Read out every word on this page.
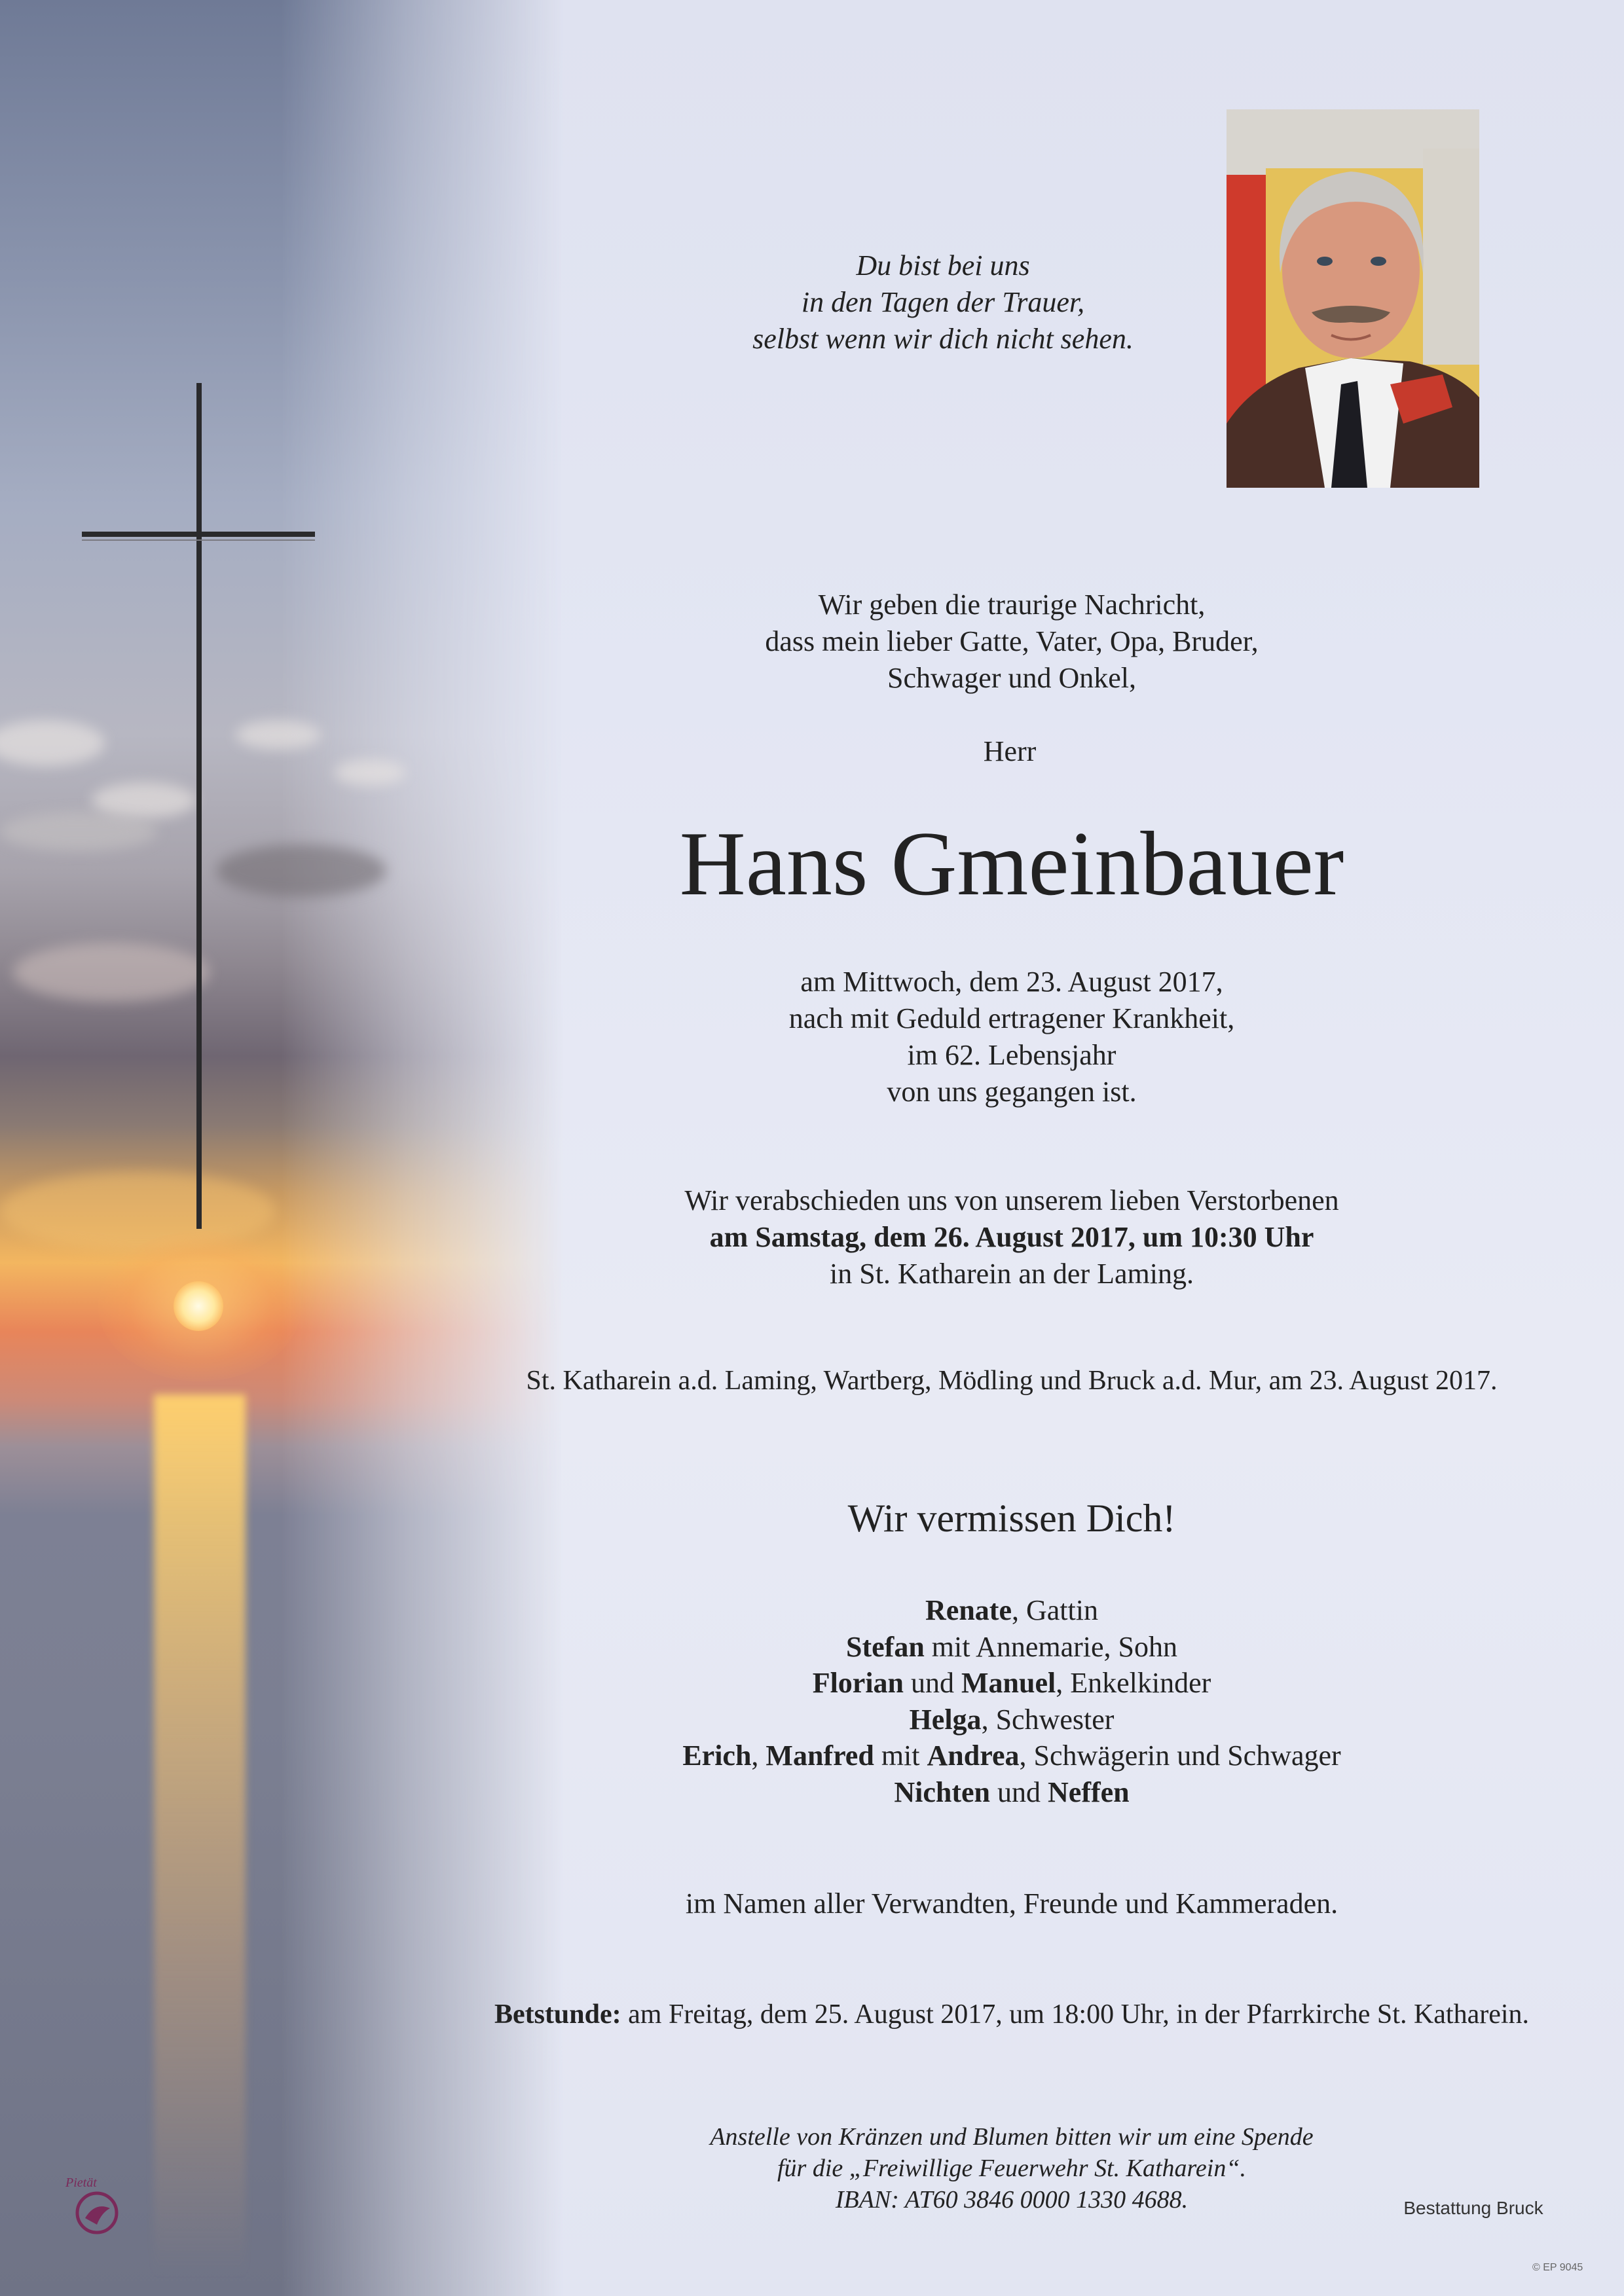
Du bist bei uns
in den Tagen der Trauer,
selbst wenn wir dich nicht sehen.

Wir geben die traurige Nachricht,
dass mein lieber Gatte, Vater, Opa, Bruder,
Schwager und Onkel,

Herr

Hans Gmeinbauer

am Mittwoch, dem 23. August 2017,
nach mit Geduld ertragener Krankheit,
im 62. Lebensjahr
von uns gegangen ist.

Wir verabschieden uns von unserem lieben Verstorbenen
am Samstag, dem 26. August 2017, um 10:30 Uhr
in St. Katharein an der Laming.

St. Katharein a.d. Laming, Wartberg, Mödling und Bruck a.d. Mur, am 23. August 2017.

Wir vermissen Dich!

Renate, Gattin
Stefan mit Annemarie, Sohn
Florian und Manuel, Enkelkinder
Helga, Schwester
Erich, Manfred mit Andrea, Schwägerin und Schwager
Nichten und Neffen

im Namen aller Verwandten, Freunde und Kammeraden.

Betstunde: am Freitag, dem 25. August 2017, um 18:00 Uhr, in der Pfarrkirche St. Katharein.

Anstelle von Kränzen und Blumen bitten wir um eine Spende
für die „Freiwillige Feuerwehr St. Katharein“.
IBAN: AT60 3846 0000 1330 4688.	Bestattung Bruck

© EP 9045

Pietät
